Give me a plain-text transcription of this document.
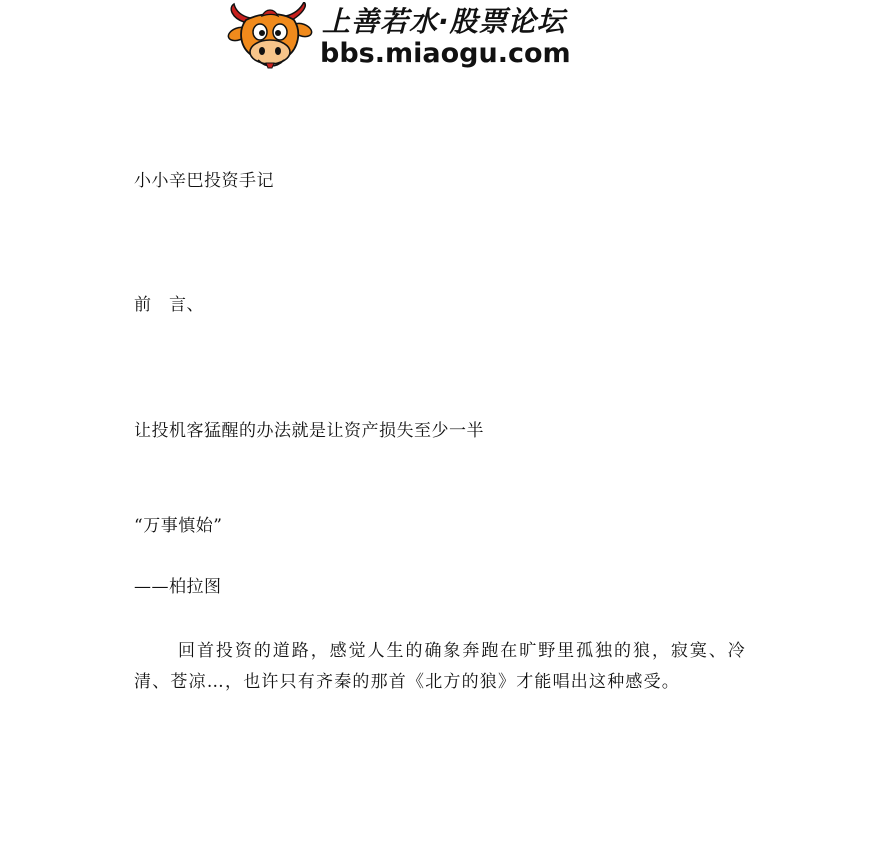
上善若水·股票论坛
bbs.miaogu.com
小小辛巴投资手记
前　言、
让投机客猛醒的办法就是让资产损失至少一半
“万事慎始”
——柏拉图
回首投资的道路，感觉人生的确象奔跑在旷野里孤独的狼，寂寞、冷清、苍凉…，也许只有齐秦的那首《北方的狼》才能唱出这种感受。
